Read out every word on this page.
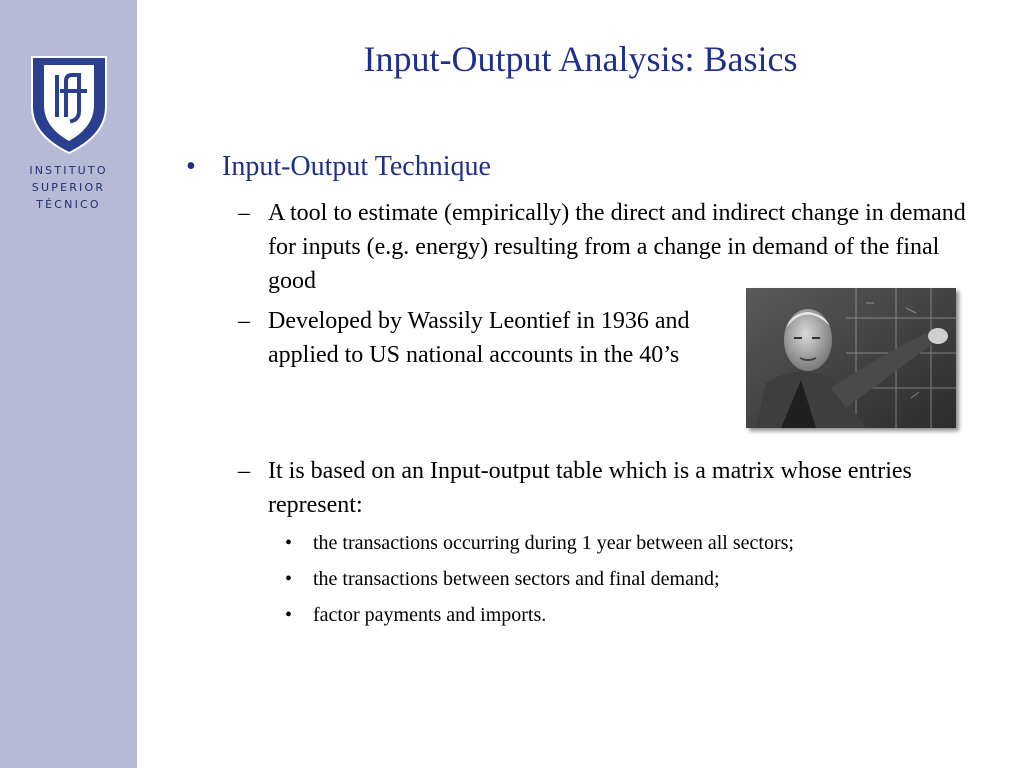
INSTITUTO
SUPERIOR
TÉCNICO
Input-Output Analysis: Basics
• Input-Output Technique
– A tool to estimate (empirically) the direct and indirect change in demand for inputs (e.g. energy) resulting from a change in demand of the final good
– Developed by Wassily Leontief in 1936 and applied to US national accounts in the 40’s
– It is based on an Input-output table which is a matrix whose entries represent:
• the transactions occurring during 1 year between all sectors;
• the transactions between sectors and final demand;
• factor payments and imports.
